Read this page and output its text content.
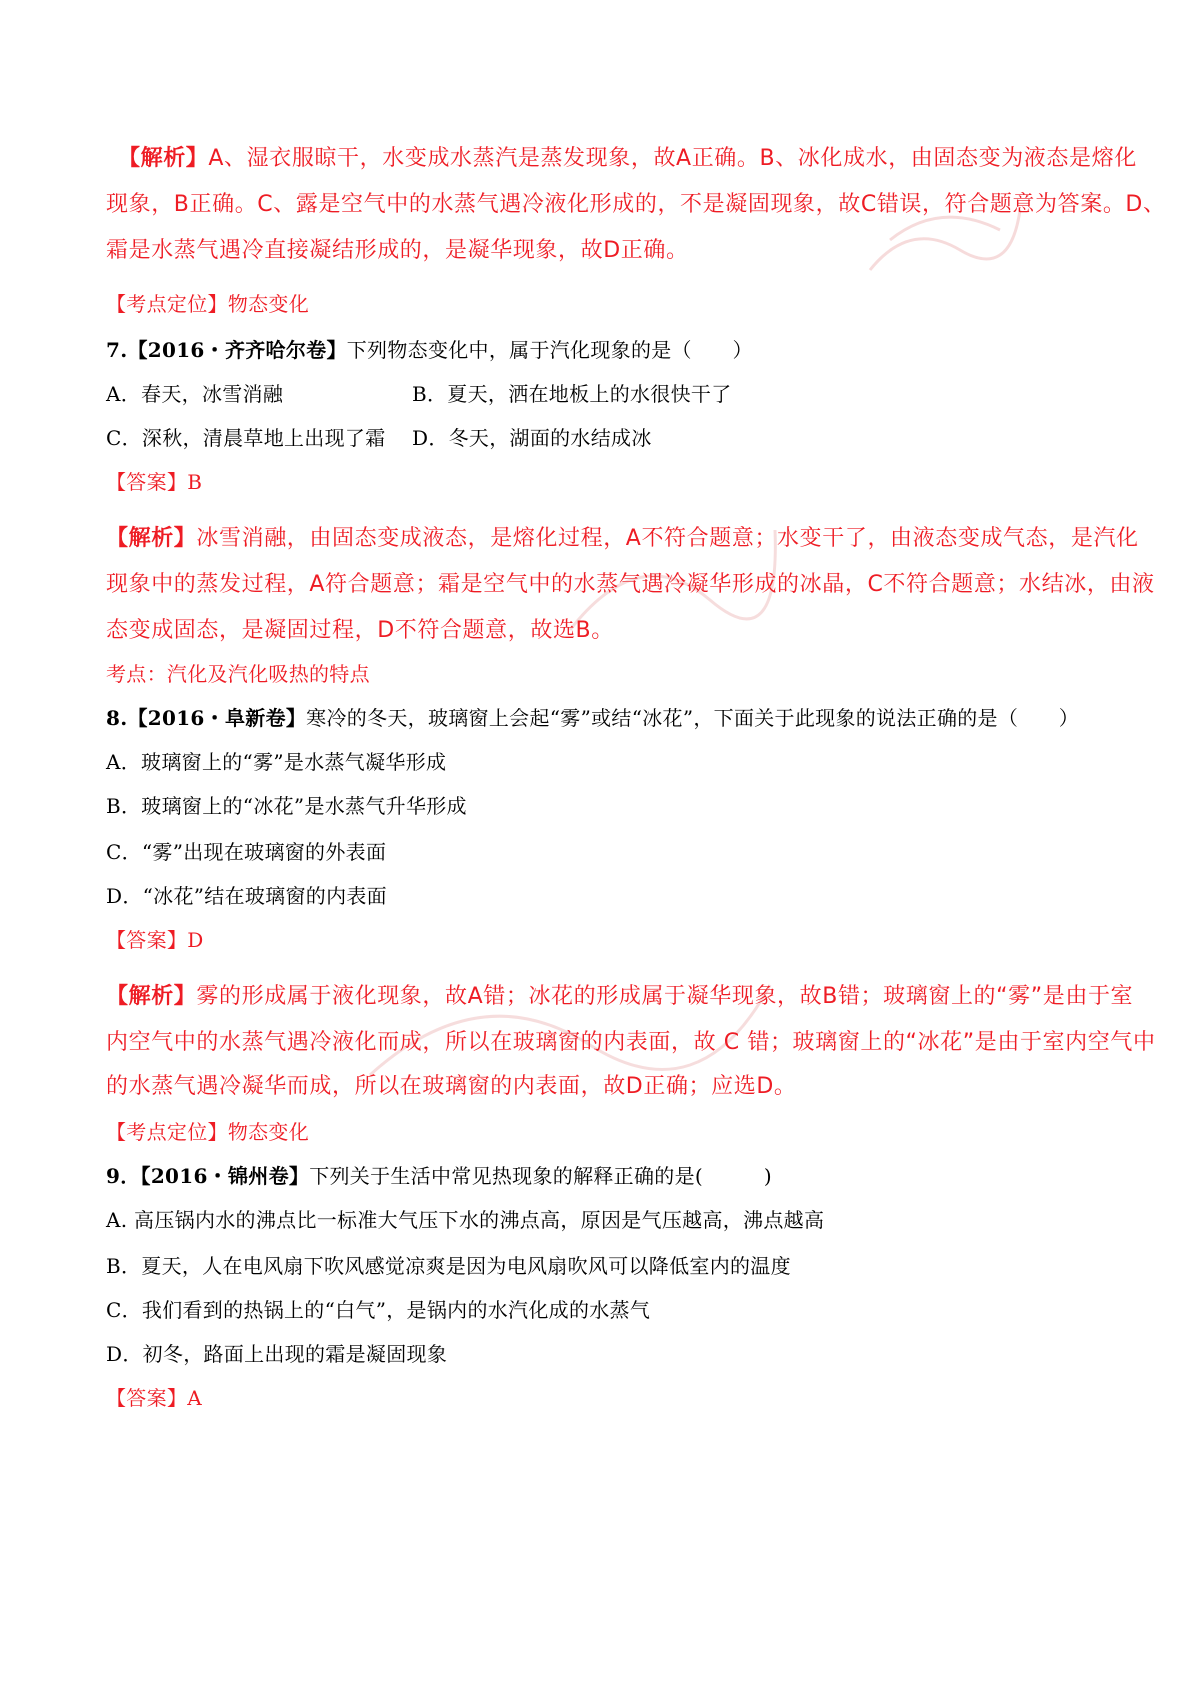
【解析】A、湿衣服晾干，水变成水蒸汽是蒸发现象，故A正确。B、冰化成水，由固态变为液态是熔化
现象，B正确。C、露是空气中的水蒸气遇冷液化形成的，不是凝固现象，故C错误，符合题意为答案。D、
霜是水蒸气遇冷直接凝结形成的，是凝华现象，故D正确。
【考点定位】物态变化
7.【2016・齐齐哈尔卷】下列物态变化中，属于汽化现象的是（　　）
A．春天，冰雪消融	B．夏天，洒在地板上的水很快干了
C．深秋，清晨草地上出现了霜 D．冬天，湖面的水结成冰
【答案】B
【解析】冰雪消融，由固态变成液态，是熔化过程，A不符合题意；水变干了，由液态变成气态，是汽化
现象中的蒸发过程，A符合题意；霜是空气中的水蒸气遇冷凝华形成的冰晶，C不符合题意；水结冰，由液
态变成固态，是凝固过程，D不符合题意，故选B。
考点：汽化及汽化吸热的特点
8.【2016・阜新卷】寒冷的冬天，玻璃窗上会起“雾”或结“冰花”，下面关于此现象的说法正确的是（　　）
A．玻璃窗上的“雾”是水蒸气凝华形成
B．玻璃窗上的“冰花”是水蒸气升华形成
C．“雾”出现在玻璃窗的外表面
D．“冰花”结在玻璃窗的内表面
【答案】D
【解析】雾的形成属于液化现象，故A错；冰花的形成属于凝华现象，故B错；玻璃窗上的“雾”是由于室
内空气中的水蒸气遇冷液化而成，所以在玻璃窗的内表面，故 C 错；玻璃窗上的“冰花”是由于室内空气中
的水蒸气遇冷凝华而成，所以在玻璃窗的内表面，故D正确；应选D。
【考点定位】物态变化
9．【2016・锦州卷】下列关于生活中常见热现象的解释正确的是(　　　)
A. 高压锅内水的沸点比一标准大气压下水的沸点高，原因是气压越高，沸点越高
B．夏天，人在电风扇下吹风感觉凉爽是因为电风扇吹风可以降低室内的温度
C．我们看到的热锅上的“白气”，是锅内的水汽化成的水蒸气
D．初冬，路面上出现的霜是凝固现象
【答案】A
